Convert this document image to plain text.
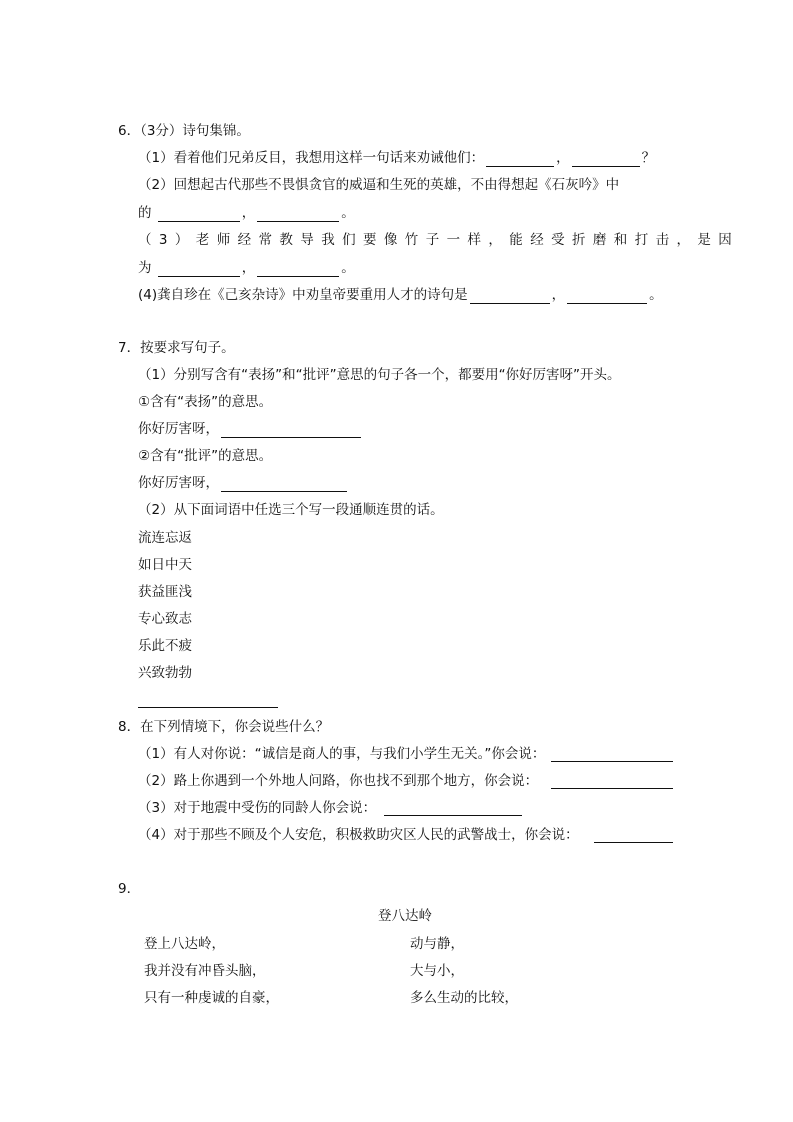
6．（3分）诗句集锦。
（1）看着他们兄弟反目，我想用这样一句话来劝诫他们：	，	？
（2）回想起古代那些不畏惧贪官的威逼和生死的英雄，不由得想起《石灰吟》中
的	，	。
（3）老师经常教导我们要像竹子一样，能经受折磨和打击，是因
为	，	。
(4)龚自珍在《己亥杂诗》中劝皇帝要重用人才的诗句是	，	。
7．按要求写句子。
（1）分别写含有“表扬”和“批评”意思的句子各一个，都要用“你好厉害呀”开头。
①含有“表扬”的意思。
你好厉害呀，
②含有“批评”的意思。
你好厉害呀，
（2）从下面词语中任选三个写一段通顺连贯的话。
流连忘返
如日中天
获益匪浅
专心致志
乐此不疲
兴致勃勃
8．在下列情境下，你会说些什么？
（1）有人对你说：“诚信是商人的事，与我们小学生无关。”你会说：
（2）路上你遇到一个外地人问路，你也找不到那个地方，你会说：
（3）对于地震中受伤的同龄人你会说：
（4）对于那些不顾及个人安危，积极救助灾区人民的武警战士，你会说：
9．
登八达岭
登上八达岭，
我并没有冲昏头脑，
只有一种虔诚的自豪，
动与静，
大与小，
多么生动的比较，
